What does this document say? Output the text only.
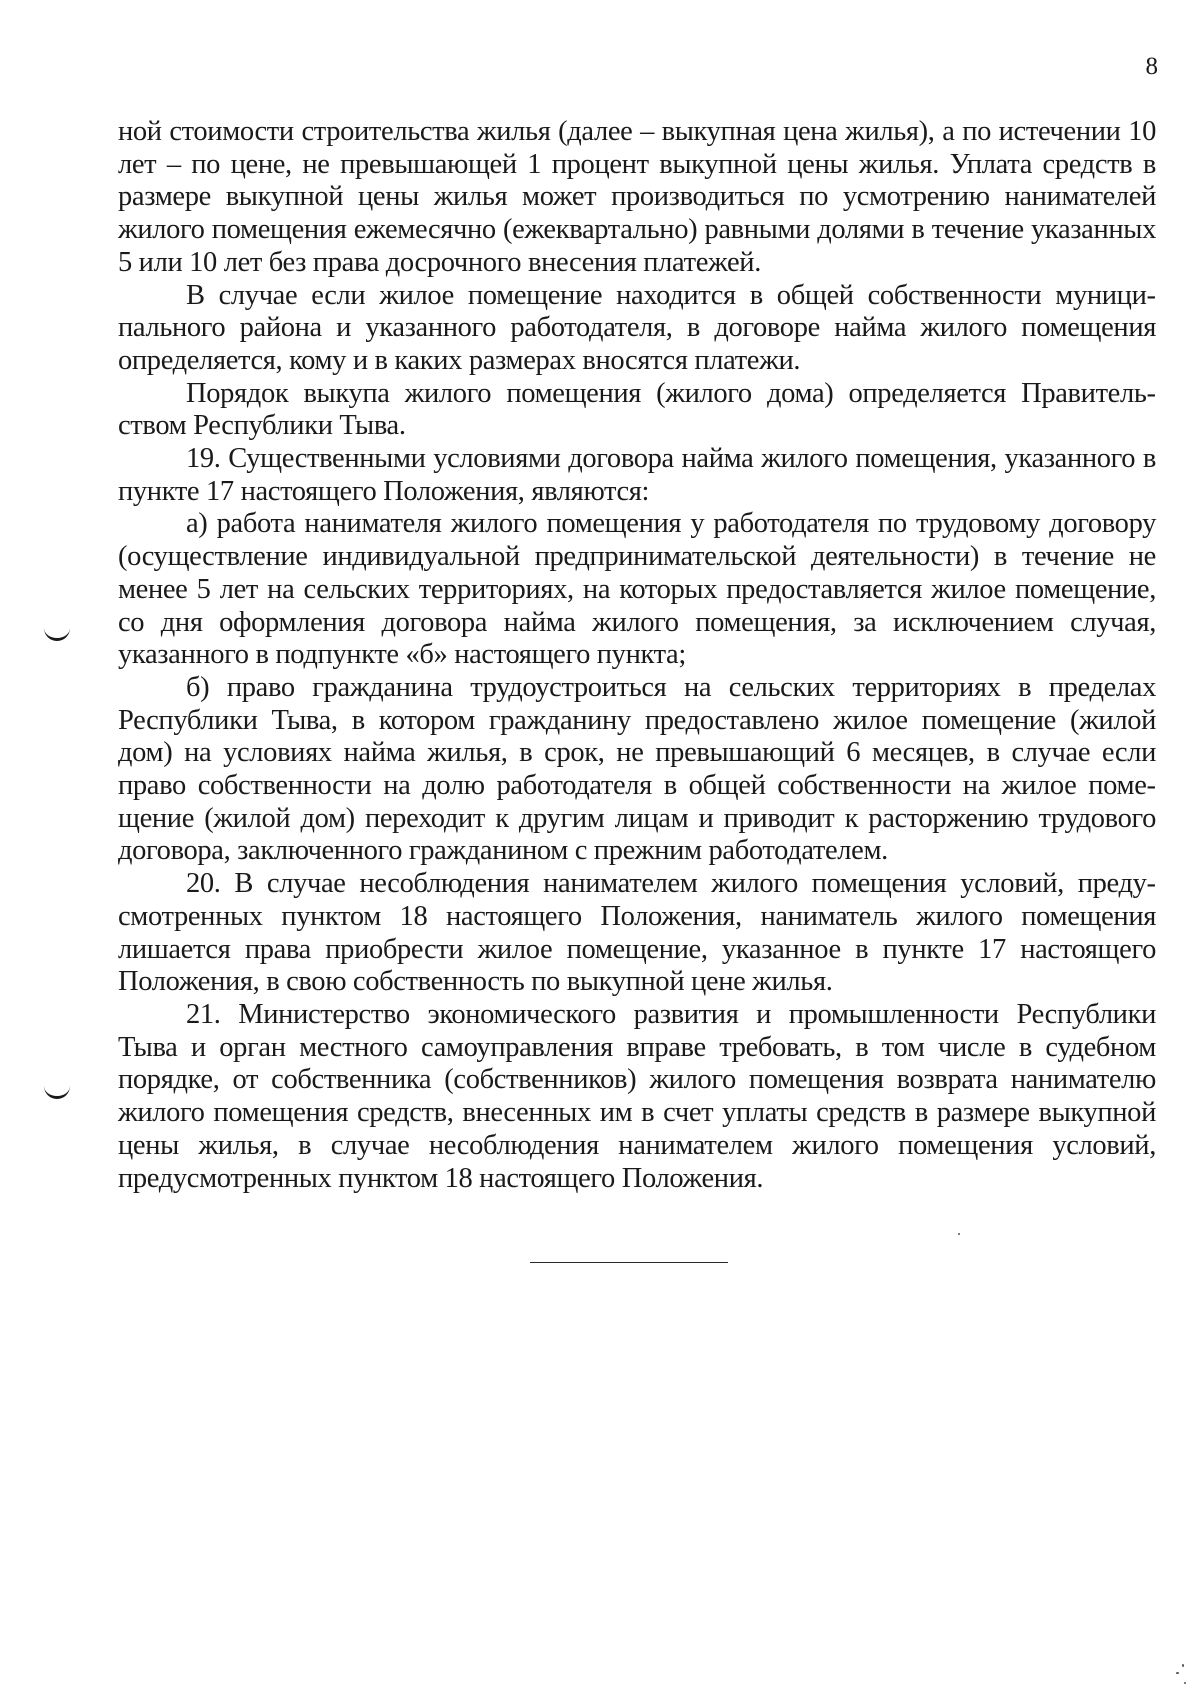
8

ной стоимости строительства жилья (далее – выкупная цена жилья), а по истечении 10 лет – по цене, не превышающей 1 процент выкупной цены жилья. Уплата средств в размере выкупной цены жилья может производиться по усмотрению нанимателей жилого помещения ежемесячно (ежеквартально) равными долями в течение указанных 5 или 10 лет без права досрочного внесения платежей.

В случае если жилое помещение находится в общей собственности муниципального района и указанного работодателя, в договоре найма жилого помещения определяется, кому и в каких размерах вносятся платежи.

Порядок выкупа жилого помещения (жилого дома) определяется Правительством Республики Тыва.

19. Существенными условиями договора найма жилого помещения, указанного в пункте 17 настоящего Положения, являются:

а) работа нанимателя жилого помещения у работодателя по трудовому договору (осуществление индивидуальной предпринимательской деятельности) в течение не менее 5 лет на сельских территориях, на которых предоставляется жилое помещение, со дня оформления договора найма жилого помещения, за исключением случая, указанного в подпункте «б» настоящего пункта;

б) право гражданина трудоустроиться на сельских территориях в пределах Республики Тыва, в котором гражданину предоставлено жилое помещение (жилой дом) на условиях найма жилья, в срок, не превышающий 6 месяцев, в случае если право собственности на долю работодателя в общей собственности на жилое помещение (жилой дом) переходит к другим лицам и приводит к расторжению трудового договора, заключенного гражданином с прежним работодателем.

20. В случае несоблюдения нанимателем жилого помещения условий, предусмотренных пунктом 18 настоящего Положения, наниматель жилого помещения лишается права приобрести жилое помещение, указанное в пункте 17 настоящего Положения, в свою собственность по выкупной цене жилья.

21. Министерство экономического развития и промышленности Республики Тыва и орган местного самоуправления вправе требовать, в том числе в судебном порядке, от собственника (собственников) жилого помещения возврата нанимателю жилого помещения средств, внесенных им в счет уплаты средств в размере выкупной цены жилья, в случае несоблюдения нанимателем жилого помещения условий, предусмотренных пунктом 18 настоящего Положения.
